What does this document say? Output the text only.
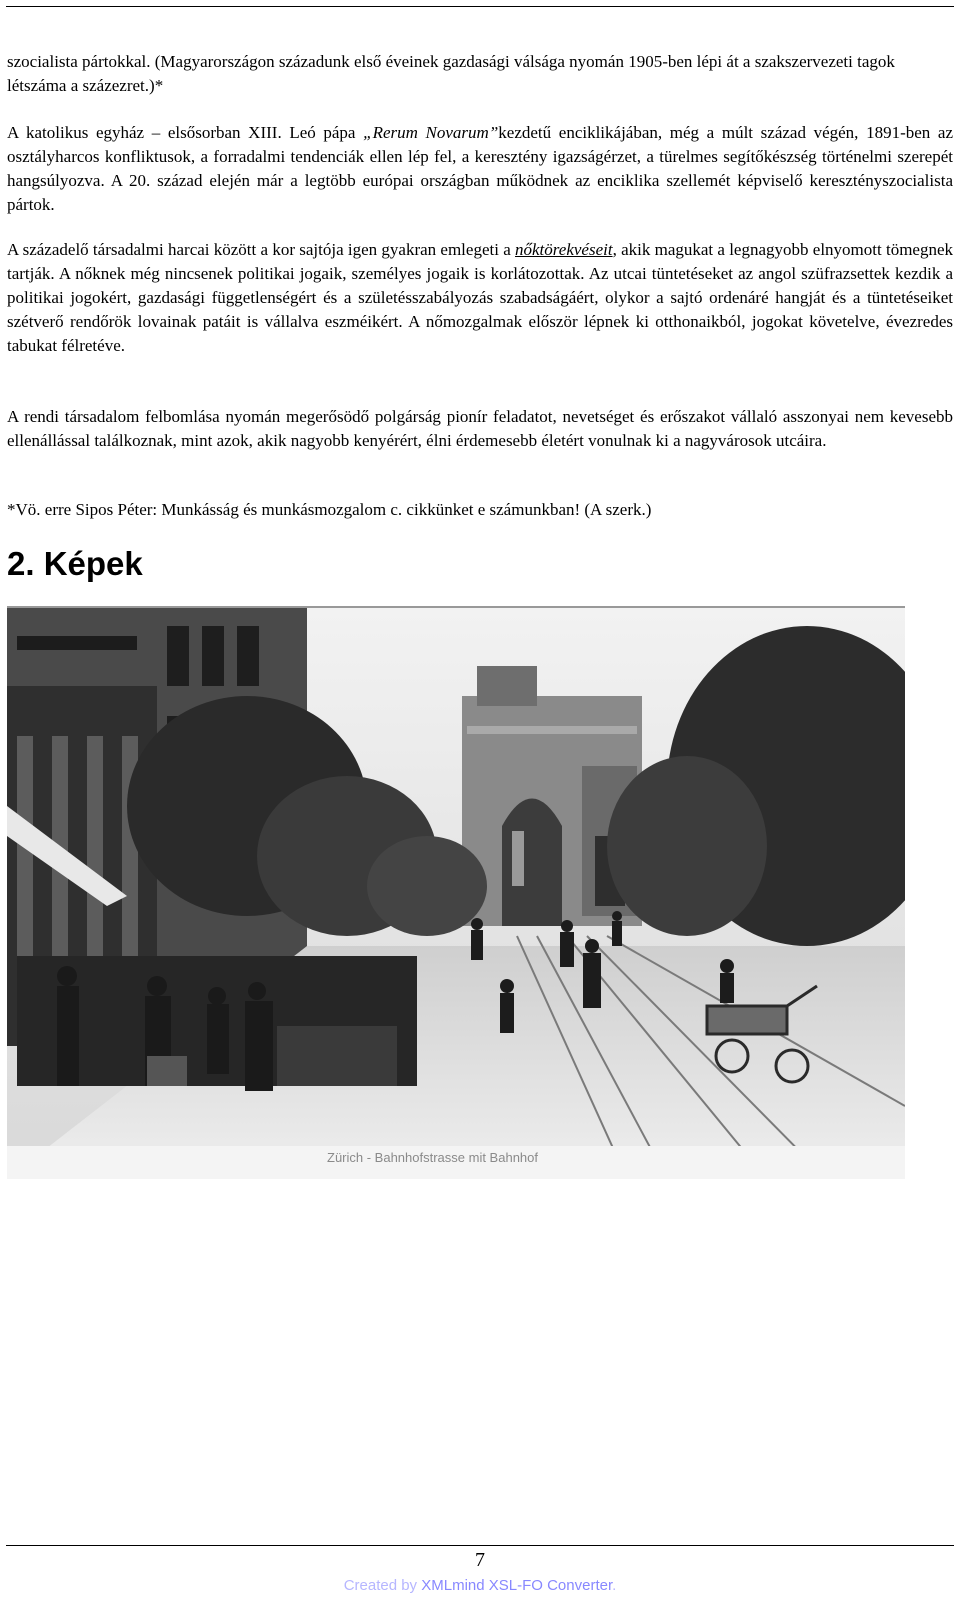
szocialista pártokkal. (Magyarországon századunk első éveinek gazdasági válsága nyomán 1905-ben lépi át a szakszervezeti tagok létszáma a százezret.)*

A katolikus egyház – elsősorban XIII. Leó pápa „Rerum Novarum”kezdetű enciklikájában, még a múlt század végén, 1891-ben az osztályharcos konfliktusok, a forradalmi tendenciák ellen lép fel, a keresztény igazságérzet, a türelmes segítőkészség történelmi szerepét hangsúlyozva. A 20. század elején már a legtöbb európai országban működnek az enciklika szellemét képviselő keresztényszocialista pártok.

A századelő társadalmi harcai között a kor sajtója igen gyakran emlegeti a nőktörekvéseit, akik magukat a legnagyobb elnyomott tömegnek tartják. A nőknek még nincsenek politikai jogaik, személyes jogaik is korlátozottak. Az utcai tüntetéseket az angol szüfrazsettek kezdik a politikai jogokért, gazdasági függetlenségért és a születésszabályozás szabadságáért, olykor a sajtó ordenáré hangját és a tüntetéseiket szétverő rendőrök lovainak patáit is vállalva eszméikért. A nőmozgalmak először lépnek ki otthonaikból, jogokat követelve, évezredes tabukat félretéve.

A rendi társadalom felbomlása nyomán megerősödő polgárság pionír feladatot, nevetséget és erőszakot vállaló asszonyai nem kevesebb ellenállással találkoznak, mint azok, akik nagyobb kenyérért, élni érdemesebb életért vonulnak ki a nagyvárosok utcáira.

*Vö. erre Sipos Péter: Munkásság és munkásmozgalom c. cikkünket e számunkban! (A szerk.)

2. Képek
Zürich - Bahnhofstrasse mit Bahnhof
7
Created by XMLmind XSL-FO Converter.
